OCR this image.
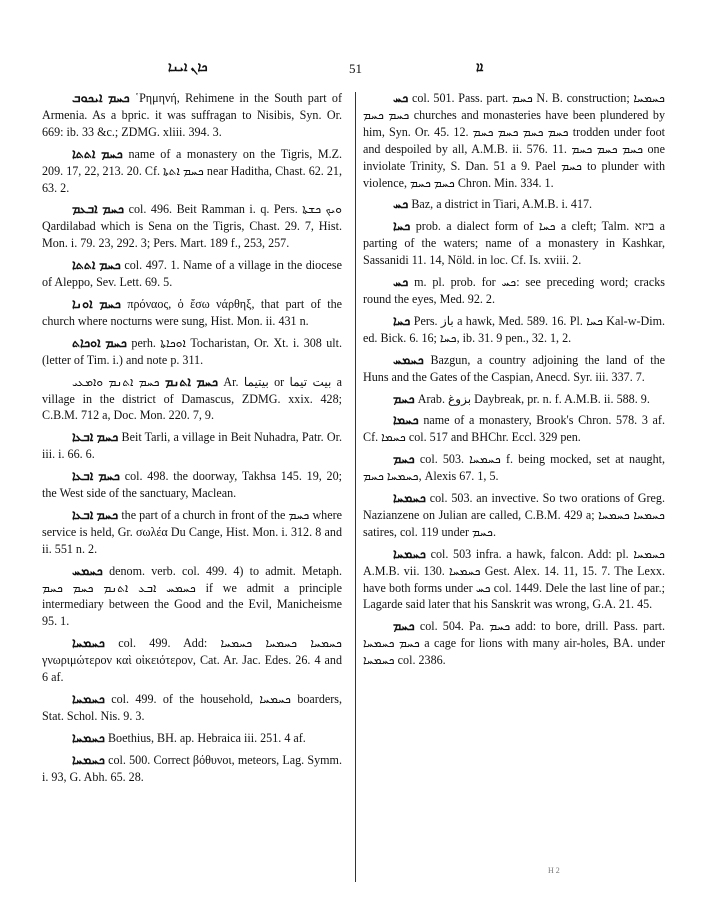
ܟܐܢ ܐܝܢܐ	51	ܐܐ
ܟܚܡ ܐܝܟܘܒ ῾Ρημηνή, Rehimene in the South part of Armenia. As a bpric. it was suffragan to Nisibis, Syn. Or. 669: ib. 33 &c.; ZDMG. xliii. 394. 3.
ܟܚܡ ܐܬܬܐ name of a monastery on the Tigris, M.Z. 209. 17, 22, 213. 20. Cf. ܟܚܡ ܐܬܬܐ near Haditha, Chast. 62. 21, 63. 2.
ܟܚܡ ܐܒܥܡ col. 496. Beit Ramman i. q. Pers. ܘܝܟ ܟܫܬܐ Qardilabad which is Sena on the Tigris, Chast. 29. 7, Hist. Mon. i. 79. 23, 292. 3; Pers. Mart. 189 f., 253, 257.
ܟܚܡ ܐܬܬܐ col. 497. 1. Name of a village in the diocese of Aleppo, Sev. Lett. 69. 5.
ܟܚܡ ܐܘܢܐ πρόναος, ὁ ἔσω νάρθηξ, that part of the church where nocturns were sung, Hist. Mon. ii. 431 n.
ܟܚܡ ܐܘܟܐܬ perh. ܐܘܟܐܬܐ Tocharistan, Or. Xt. i. 308 ult. (letter of Tim. i.) and note p. 311.
ܟܚܡ ܐܬܢܡ ܟܚܡ ܐܬܢܡ ܘܐܡܥܝ Ar. بيتيما or بيت تيما a village in the district of Damascus, ZDMG. xxix. 428; C.B.M. 712 a, Doc. Mon. 220. 7, 9.
ܟܚܡ ܐܒܥܐ Beit Tarli, a village in Beit Nuhadra, Patr. Or. iii. i. 66. 6.
ܟܚܡ ܐܒܥܐ col. 498. the doorway, Takhsa 145. 19, 20; the West side of the sanctuary, Maclean.
ܟܚܡ ܐܒܥܐ the part of a church in front of the ܟܚܡ where service is held, Gr. σωλέα Du Cange, Hist. Mon. i. 312. 8 and ii. 551 n. 2.
ܟܚܡܚ denom. verb. col. 499. 4) to admit. Metaph. ܟܚܡܚ ܐܒܥ ܐܬܢܡ ܟܚܡ ܟܚܡ if we admit a principle intermediary between the Good and the Evil, Manicheisme 95. 1.
ܟܚܡܚܐ col. 499. Add: ܟܚܡܚܐ ܟܚܡܚܐ ܟܚܡܚܐ γνωριμώτερον καὶ οἰκειότερον, Cat. Ar. Jac. Edes. 26. 4 and 6 af.
ܟܚܡܚܐ col. 499. of the household, ܟܚܡܚܐ boarders, Stat. Schol. Nis. 9. 3.
ܟܚܡܚܐ Boethius, BH. ap. Hebraica iii. 251. 4 af.
ܟܚܡܚܐ col. 500. Correct βόθυνοι, meteors, Lag. Symm. i. 93, G. Abh. 65. 28.
ܟܚ col. 501. Pass. part. ܟܚܡ N. B. construction; ܟܚܡܚܐ ܟܚܡ ܟܚܡ churches and monasteries have been plundered by him, Syn. Or. 45. 12. ܟܚܡ ܟܚܡ ܟܚܡ ܟܚܡ trodden under foot and despoiled by all, A.M.B. ii. 576. 11. ܟܚܡ ܟܚܡ ܟܚܡ one inviolate Trinity, S. Dan. 51 a 9. Pael ܟܚܡ to plunder with violence, ܟܚܡ ܟܚܡ Chron. Min. 334. 1.
ܟܚ Baz, a district in Tiari, A.M.B. i. 417.
ܟܚܐ prob. a dialect form of ܟܚܐ a cleft; Talm. ביזא a parting of the waters; name of a monastery in Kashkar, Sassanidi 11. 14, Nöld. in loc. Cf. Is. xviii. 2.
ܟܚ m. pl. prob. for ܟܚ: see preceding word; cracks round the eyes, Med. 92. 2.
ܟܚܐ Pers. باز a hawk, Med. 589. 16. Pl. ܟܚܐ Kal-w-Dim. ed. Bick. 6. 16; ܟܚܐ, ib. 31. 9 pen., 32. 1, 2.
ܟܚܡܚ Bazgun, a country adjoining the land of the Huns and the Gates of the Caspian, Anecd. Syr. iii. 337. 7.
ܟܚܡ Arab. بزوغ Daybreak, pr. n. f. A.M.B. ii. 588. 9.
ܟܚܡܐ name of a monastery, Brook's Chron. 578. 3 af. Cf. ܟܚܡܐ col. 517 and BHChr. Eccl. 329 pen.
ܟܚܡ col. 503. ܟܚܡܚܐ f. being mocked, set at naught, ܟܚܡܚܐ ܟܚܡ, Alexis 67. 1, 5.
ܟܚܡܚܐ col. 503. an invective. So two orations of Greg. Nazianzene on Julian are called, C.B.M. 429 a; ܟܚܡܚܐ ܟܚܡܚܐ satires, col. 119 under ܟܚܡ.
ܟܚܡܚܐ col. 503 infra. a hawk, falcon. Add: pl. ܟܚܡܚܐ A.M.B. vii. 130. ܟܚܡܚܐ Gest. Alex. 14. 11, 15. 7. The Lexx. have both forms under ܟܚ col. 1449. Dele the last line of par.; Lagarde said later that his Sanskrit was wrong, G.A. 21. 45.
ܟܚܡ col. 504. Pa. ܟܚܡ add: to bore, drill. Pass. part. ܟܚܡ ܟܚܡܚܐ a cage for lions with many air-holes, BA. under ܟܚܡܚܐ col. 2386.
H 2
